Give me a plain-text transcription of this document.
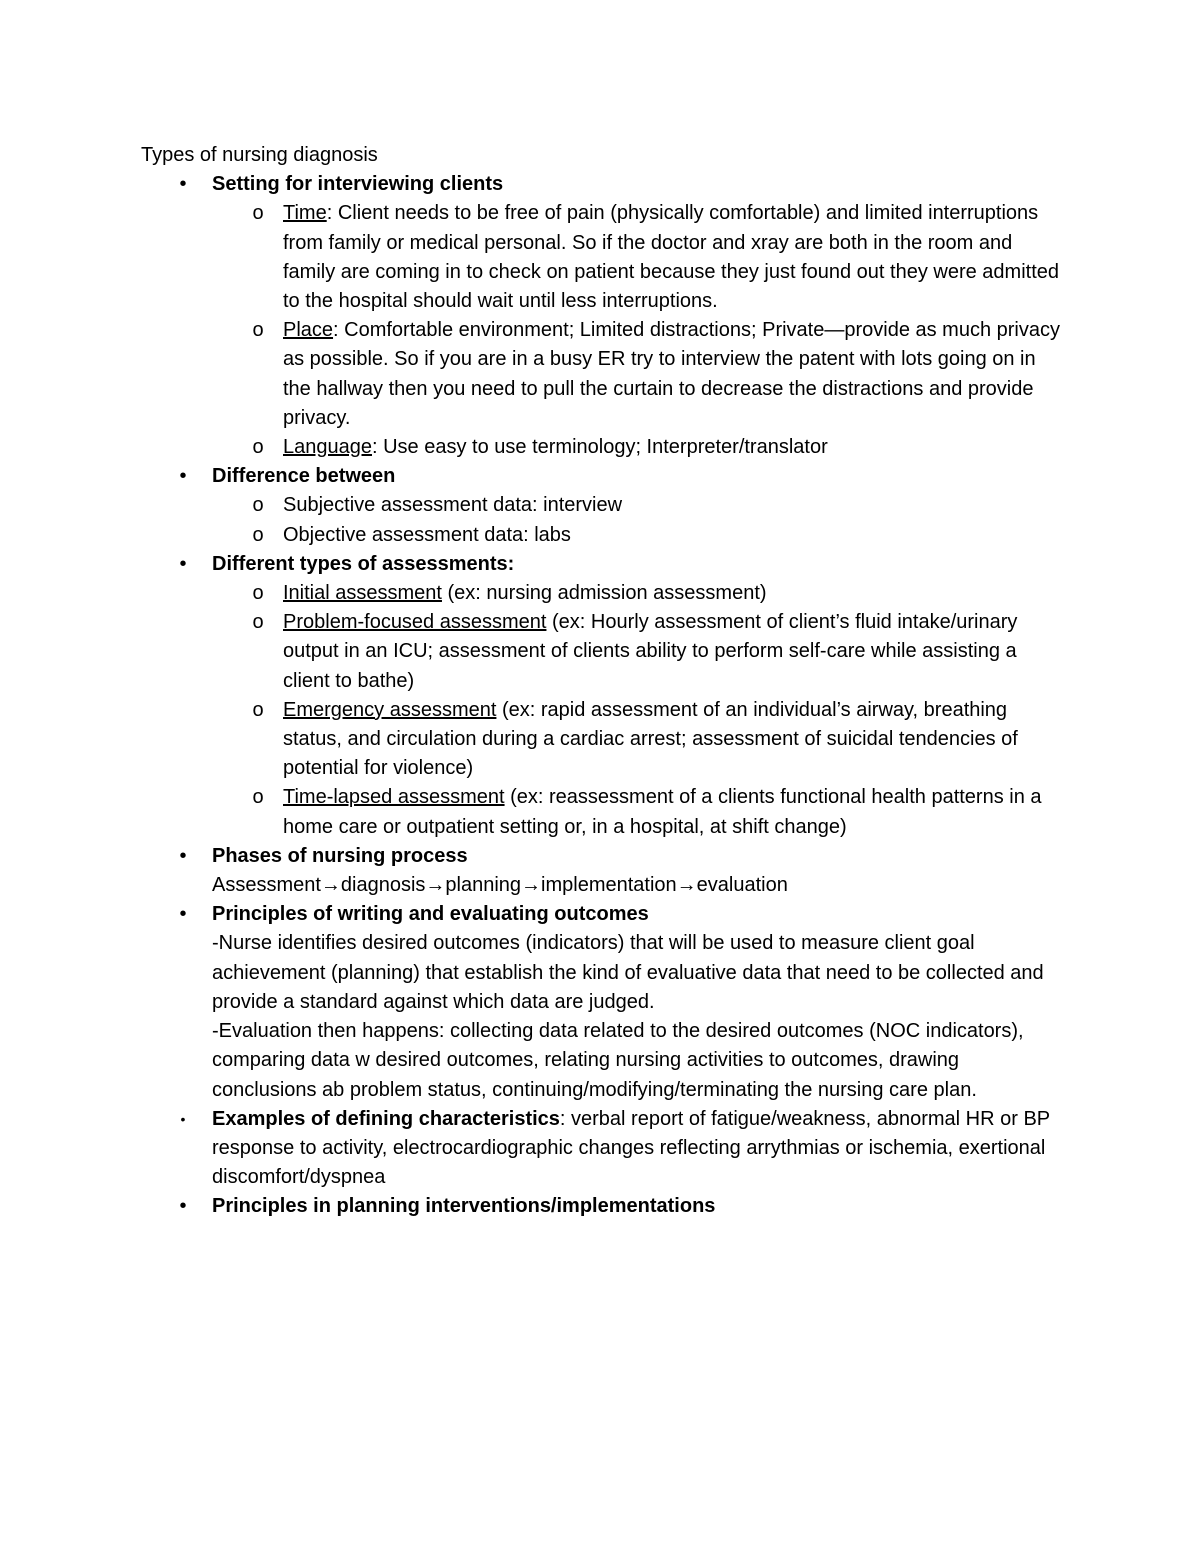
Types of nursing diagnosis

•	Setting for interviewing clients
o Time: Client needs to be free of pain (physically comfortable) and limited interruptions from family or medical personal. So if the doctor and xray are both in the room and family are coming in to check on patient because they just found out they were admitted to the hospital should wait until less interruptions.
o Place: Comfortable environment; Limited distractions; Private—provide as much privacy as possible. So if you are in a busy ER try to interview the patent with lots going on in the hallway then you need to pull the curtain to decrease the distractions and provide privacy.
o Language: Use easy to use terminology; Interpreter/translator
•	Difference between
o Subjective assessment data: interview
o Objective assessment data: labs
•	Different types of assessments:
o Initial assessment (ex: nursing admission assessment)
o Problem-focused assessment (ex: Hourly assessment of client’s fluid intake/urinary output in an ICU; assessment of clients ability to perform self-care while assisting a client to bathe)
o Emergency assessment (ex: rapid assessment of an individual’s airway, breathing status, and circulation during a cardiac arrest; assessment of suicidal tendencies of potential for violence)
o Time-lapsed assessment (ex: reassessment of a clients functional health patterns in a home care or outpatient setting or, in a hospital, at shift change)
•	Phases of nursing process
Assessment→diagnosis→planning→implementation→evaluation
•	Principles of writing and evaluating outcomes
-Nurse identifies desired outcomes (indicators) that will be used to measure client goal achievement (planning) that establish the kind of evaluative data that need to be collected and provide a standard against which data are judged.
-Evaluation then happens: collecting data related to the desired outcomes (NOC indicators), comparing data w desired outcomes, relating nursing activities to outcomes, drawing conclusions ab problem status, continuing/modifying/terminating the nursing care plan.
•	Examples of defining characteristics: verbal report of fatigue/weakness, abnormal HR or BP response to activity, electrocardiographic changes reflecting arrythmias or ischemia, exertional discomfort/dyspnea
•	Principles in planning interventions/implementations
